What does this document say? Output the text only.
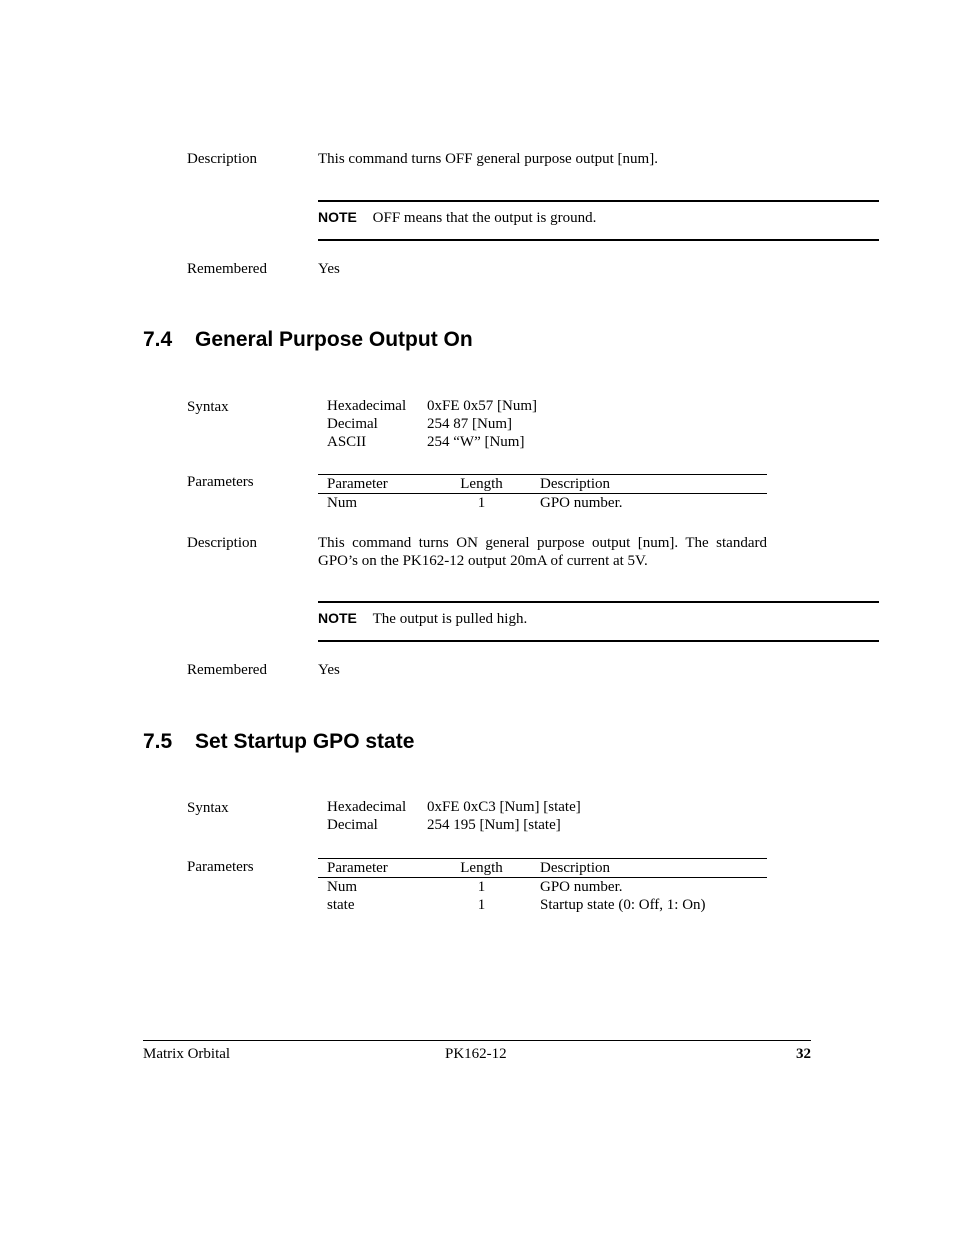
Description	This command turns OFF general purpose output [num].
NOTE OFF means that the output is ground.
Remembered	Yes
7.4 General Purpose Output On
Syntax	Hexadecimal 0xFE 0x57 [Num]
Decimal	254 87 [Num]
ASCII	254 “W” [Num]
Parameters	Parameter	Length	Description
Num	1	GPO number.
Description	This command turns ON general purpose output [num]. The standard GPO’s on the PK162-12 output 20mA of current at 5V.
NOTE The output is pulled high.
Remembered	Yes
7.5 Set Startup GPO state
Syntax	Hexadecimal 0xFE 0xC3 [Num] [state]
Decimal	254 195 [Num] [state]
Parameters	Parameter	Length	Description
Num	1	GPO number.
state	1	Startup state (0: Off, 1: On)
Matrix Orbital	PK162-12	32
